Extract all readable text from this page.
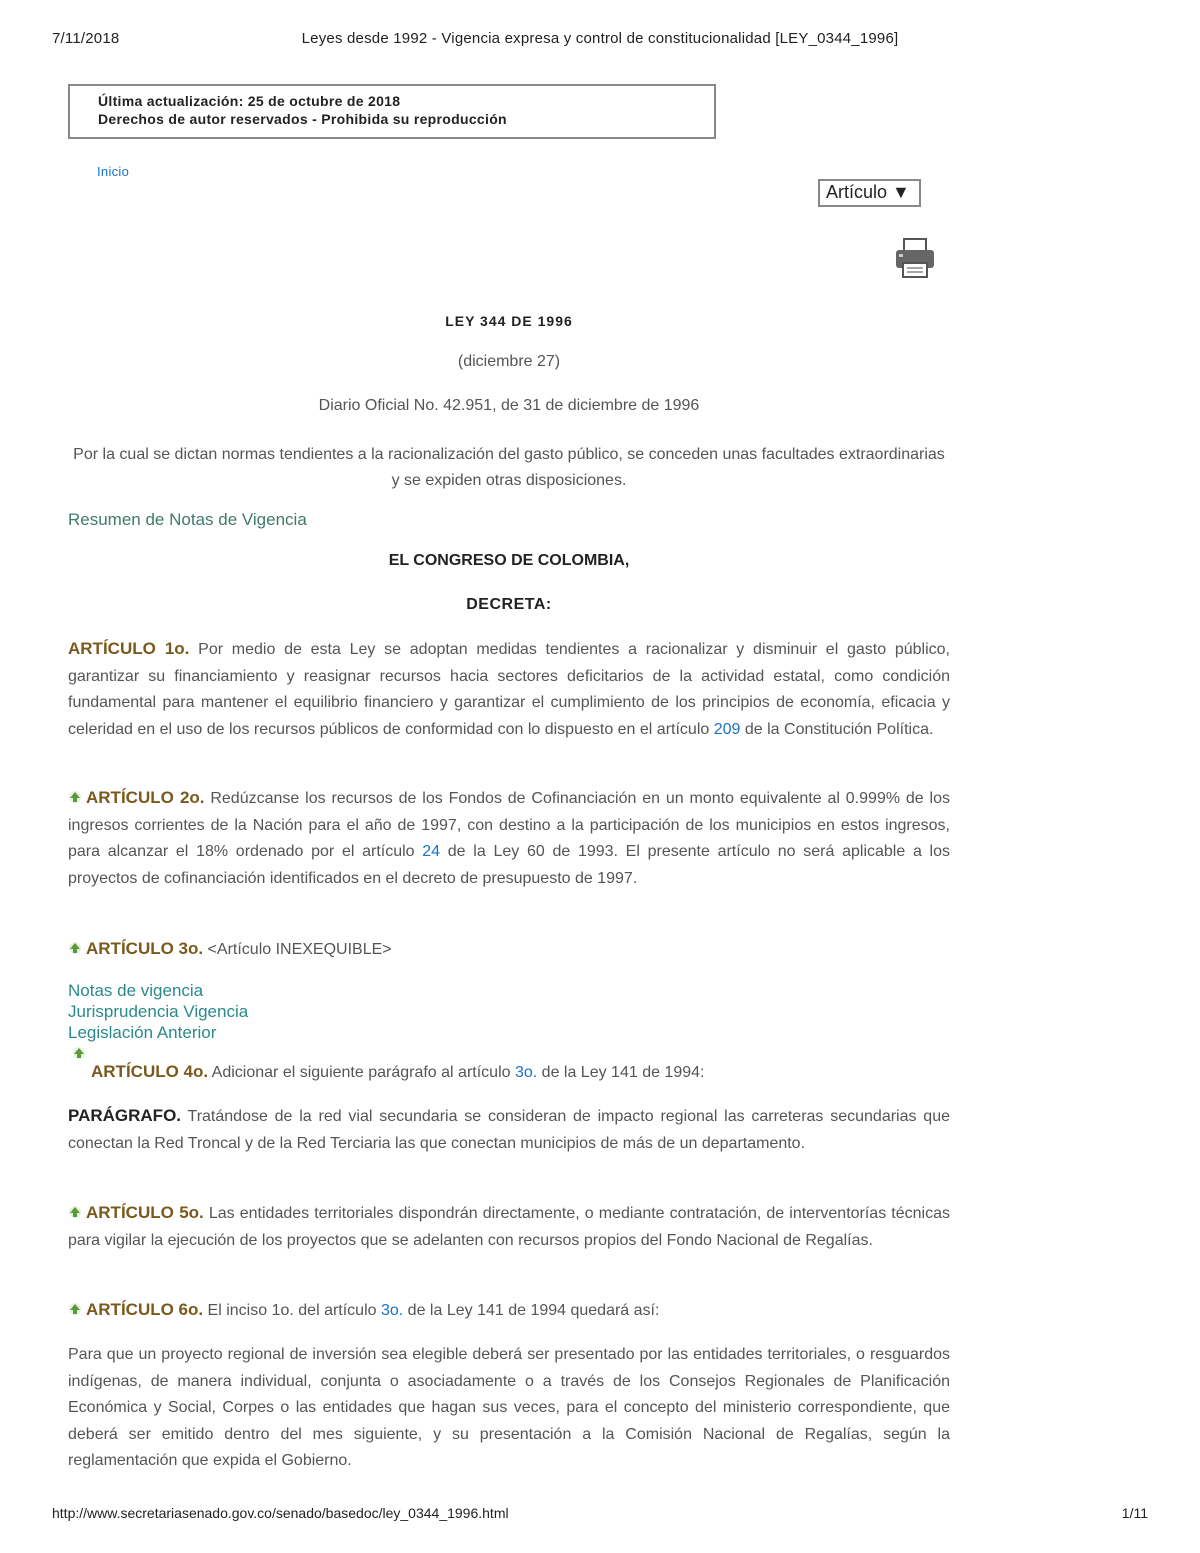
7/11/2018	Leyes desde 1992 - Vigencia expresa y control de constitucionalidad [LEY_0344_1996]
Última actualización: 25 de octubre de 2018
Derechos de autor reservados - Prohibida su reproducción
Inicio
Artículo ▼
LEY 344 DE 1996
(diciembre 27)
Diario Oficial No. 42.951, de 31 de diciembre de 1996
Por la cual se dictan normas tendientes a la racionalización del gasto público, se conceden unas facultades extraordinarias y se expiden otras disposiciones.
Resumen de Notas de Vigencia
EL CONGRESO DE COLOMBIA,
DECRETA:
ARTÍCULO 1o. Por medio de esta Ley se adoptan medidas tendientes a racionalizar y disminuir el gasto público, garantizar su financiamiento y reasignar recursos hacia sectores deficitarios de la actividad estatal, como condición fundamental para mantener el equilibrio financiero y garantizar el cumplimiento de los principios de economía, eficacia y celeridad en el uso de los recursos públicos de conformidad con lo dispuesto en el artículo 209 de la Constitución Política.
ARTÍCULO 2o. Redúzcanse los recursos de los Fondos de Cofinanciación en un monto equivalente al 0.999% de los ingresos corrientes de la Nación para el año de 1997, con destino a la participación de los municipios en estos ingresos, para alcanzar el 18% ordenado por el artículo 24 de la Ley 60 de 1993. El presente artículo no será aplicable a los proyectos de cofinanciación identificados en el decreto de presupuesto de 1997.
ARTÍCULO 3o. <Artículo INEXEQUIBLE>
Notas de vigencia
Jurisprudencia Vigencia
Legislación Anterior
ARTÍCULO 4o. Adicionar el siguiente parágrafo al artículo 3o. de la Ley 141 de 1994:
PARÁGRAFO. Tratándose de la red vial secundaria se consideran de impacto regional las carreteras secundarias que conectan la Red Troncal y de la Red Terciaria las que conectan municipios de más de un departamento.
ARTÍCULO 5o. Las entidades territoriales dispondrán directamente, o mediante contratación, de interventorías técnicas para vigilar la ejecución de los proyectos que se adelanten con recursos propios del Fondo Nacional de Regalías.
ARTÍCULO 6o. El inciso 1o. del artículo 3o. de la Ley 141 de 1994 quedará así:
Para que un proyecto regional de inversión sea elegible deberá ser presentado por las entidades territoriales, o resguardos indígenas, de manera individual, conjunta o asociadamente o a través de los Consejos Regionales de Planificación Económica y Social, Corpes o las entidades que hagan sus veces, para el concepto del ministerio correspondiente, que deberá ser emitido dentro del mes siguiente, y su presentación a la Comisión Nacional de Regalías, según la reglamentación que expida el Gobierno.
http://www.secretariasenado.gov.co/senado/basedoc/ley_0344_1996.html	1/11
